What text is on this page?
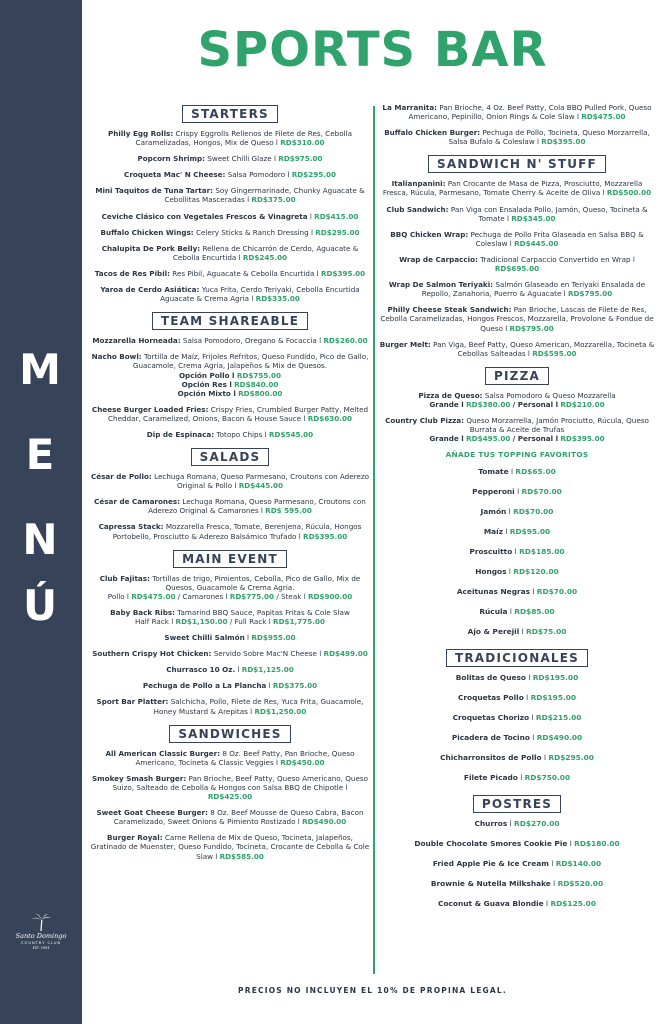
M
E
N
Ú
Santo Domingo
COUNTRY CLUB
EST. 1993
SPORTS BAR
STARTERS
Philly Egg Rolls: Crispy Eggrolls Rellenos de Filete de Res, Cebolla Caramelizadas, Hongos, Mix de Queso l RD$310.00
Popcorn Shrimp: Sweet Chilli Glaze l RD$975.00
Croqueta Mac' N Cheese: Salsa Pomodoro l RD$295.00
Mini Taquitos de Tuna Tartar: Soy Gingermarinade, Chunky Aguacate & Cebollitas Masceradas l RD$375.00
Ceviche Clásico con Vegetales Frescos & Vinagreta l RD$415.00
Buffalo Chicken Wings: Celery Sticks & Ranch Dressing l RD$295.00
Chalupita De Pork Belly: Rellena de Chicarrón de Cerdo, Aguacate & Cebolla Encurtida l RD$245.00
Tacos de Res Pibil: Res Pibil, Aguacate & Cebolla Encurtida l RD$395.00
Yaroa de Cerdo Asiática: Yuca Frita, Cerdo Teriyaki, Cebolla Encurtida Aguacate & Crema Agria l RD$335.00
TEAM SHAREABLE
Mozzarella Horneada: Salsa Pomodoro, Oregano & Focaccia l RD$260.00
Nacho Bowl: Tortilla de Maíz, Frijoles Refritos, Queso Fundido, Pico de Gallo, Guacamole, Crema Agria, Jalapeños & Mix de Quesos.
Opción Pollo l RD$755.00
Opción Res l RD$840.00
Opción Mixto l RD$800.00
Cheese Burger Loaded Fries: Crispy Fries, Crumbled Burger Patty, Melted Cheddar, Caramelized, Onions, Bacon & House Sauce l RD$630.00
Dip de Espinaca: Totopo Chips l RD$545.00
SALADS
César de Pollo: Lechuga Romana, Queso Parmesano, Croutons con Aderezo Original & Pollo l RD$445.00
César de Camarones: Lechuga Romana, Queso Parmesano, Croutons con Aderezo Original & Camarones l RD$ 595.00
Capressa Stack: Mozzarella Fresca, Tomate, Berenjena, Rúcula, Hongos Portobello, Prosciutto & Aderezo Balsámico Trufado l RD$395.00
MAIN EVENT
Club Fajitas: Tortillas de trigo, Pimientos, Cebolla, Pico de Gallo, Mix de Quesos, Guacamole & Crema Agria.
Pollo l RD$475.00 / Camarones l RD$775.00 / Steak l RD$900.00
Baby Back Ribs: Tamarind BBQ Sauce, Papitas Fritas & Cole Slaw
Half Rack l RD$1,150.00 / Full Rack l RD$1,775.00
Sweet Chilli Salmón l RD$955.00
Southern Crispy Hot Chicken: Servido Sobre Mac'N Cheese l RD$499.00
Churrasco 10 Oz. l RD$1,125.00
Pechuga de Pollo a La Plancha l RD$375.00
Sport Bar Platter: Salchicha, Pollo, Filete de Res, Yuca Frita, Guacamole, Honey Mustard & Arepitas l RD$1,250.00
SANDWICHES
All American Classic Burger: 8 Oz. Beef Patty, Pan Brioche, Queso Americano, Tocineta & Classic Veggies l RD$450.00
Smokey Smash Burger: Pan Brioche, Beef Patty, Queso Americano, Queso Suizo, Salteado de Cebolla & Hongos con Salsa BBQ de Chipotle l RD$425.00
Sweet Goat Cheese Burger: 8 Oz. Beef Mousse de Queso Cabra, Bacon Caramelizado, Sweet Onions & Pimiento Rostizado l RD$490.00
Burger Royal: Carne Rellena de Mix de Queso, Tocineta, Jalapeños, Gratinado de Muenster, Queso Fundido, Tocineta, Crocante de Cebolla & Cole Slaw l RD$585.00
La Marranita: Pan Brioche, 4 Oz. Beef Patty, Cola BBQ Pulled Pork, Queso Americano, Pepinillo, Onion Rings & Cole Slaw l RD$475.00
Buffalo Chicken Burger: Pechuga de Pollo, Tocineta, Queso Morzarrella, Salsa Bufalo & Coleslaw l RD$395.00
SANDWICH N' STUFF
Italianpanini: Pan Crocante de Masa de Pizza, Prosciutto, Mozzarella Fresca, Rúcula, Parmesano, Tomate Cherry & Aceite de Oliva l RD$500.00
Club Sandwich: Pan Viga con Ensalada Pollo, Jamón, Queso, Tocineta & Tomate l RD$345.00
BBQ Chicken Wrap: Pechuga de Pollo Frita Glaseada en Salsa BBQ & Coleslaw l RD$445.00
Wrap de Carpaccio: Tradicional Carpaccio Convertido en Wrap l RD$695.00
Wrap De Salmon Teriyaki: Salmón Glaseado en Teriyaki Ensalada de Repollo, Zanahoria, Puerro & Aguacate l RD$795.00
Philly Cheese Steak Sandwich: Pan Brioche, Lascas de Filete de Res, Cebolla Caramelizadas, Hongos Frescos, Mozzarella, Provolone & Fondue de Queso l RD$795.00
Burger Melt: Pan Viga, Beef Patty, Queso American, Mozzarella, Tocineta & Cebollas Salteadas l RD$595.00
PIZZA
Pizza de Queso: Salsa Pomodoro & Queso Mozzarella
Grande l RD$380.00 / Personal l RD$210.00
Country Club Pizza: Queso Morzarrella, Jamón Prociutto, Rúcula, Queso Burrata & Aceite de Trufas
Grande l RD$495.00 / Personal l RD$395.00
AÑADE TUS TOPPING FAVORITOS
Tomate l RD$65.00
Pepperoni l RD$70.00
Jamón l RD$70.00
Maíz l RD$95.00
Proscuitto l RD$185.00
Hongos l RD$120.00
Aceitunas Negras l RD$70.00
Rúcula l RD$85.00
Ajo & Perejil l RD$75.00
TRADICIONALES
Bolitas de Queso l RD$195.00
Croquetas Pollo l RD$195.00
Croquetas Chorizo l RD$215.00
Picadera de Tocino l RD$490.00
Chicharronsitos de Pollo l RD$295.00
Filete Picado l RD$750.00
POSTRES
Churros l RD$270.00
Double Chocolate Smores Cookie Pie l RD$180.00
Fried Apple Pie & Ice Cream l RD$140.00
Brownie & Nutella Milkshake l RD$520.00
Coconut & Guava Blondie l RD$125.00
PRECIOS NO INCLUYEN EL 10% DE PROPINA LEGAL.
